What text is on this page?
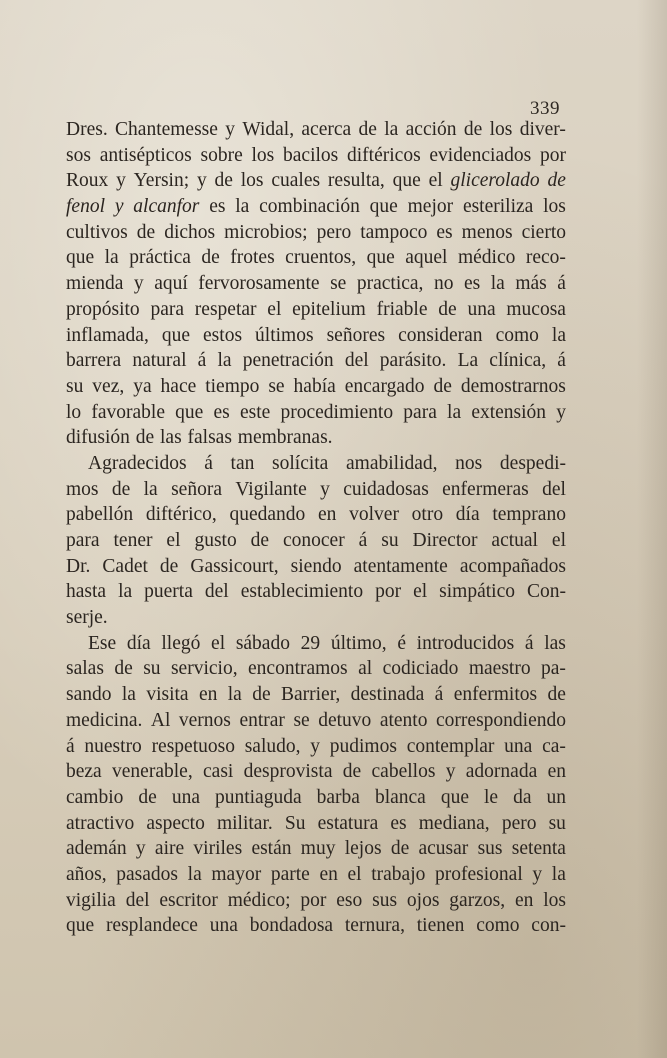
339
Dres. Chantemesse y Widal, acerca de la acción de los diver-
sos antisépticos sobre los bacilos diftéricos evidenciados por
Roux y Yersin; y de los cuales resulta, que el glicerolado de
fenol y alcanfor es la combinación que mejor esteriliza los
cultivos de dichos microbios; pero tampoco es menos cierto
que la práctica de frotes cruentos, que aquel médico reco-
mienda y aquí fervorosamente se practica, no es la más á
propósito para respetar el epitelium friable de una mucosa
inflamada, que estos últimos señores consideran como la
barrera natural á la penetración del parásito. La clínica, á
su vez, ya hace tiempo se había encargado de demostrarnos
lo favorable que es este procedimiento para la extensión y
difusión de las falsas membranas.
Agradecidos á tan solícita amabilidad, nos despedi-
mos de la señora Vigilante y cuidadosas enfermeras del
pabellón diftérico, quedando en volver otro día temprano
para tener el gusto de conocer á su Director actual el
Dr. Cadet de Gassicourt, siendo atentamente acompañados
hasta la puerta del establecimiento por el simpático Con-
serje.
Ese día llegó el sábado 29 último, é introducidos á las
salas de su servicio, encontramos al codiciado maestro pa-
sando la visita en la de Barrier, destinada á enfermitos de
medicina. Al vernos entrar se detuvo atento correspondiendo
á nuestro respetuoso saludo, y pudimos contemplar una ca-
beza venerable, casi desprovista de cabellos y adornada en
cambio de una puntiaguda barba blanca que le da un
atractivo aspecto militar. Su estatura es mediana, pero su
ademán y aire viriles están muy lejos de acusar sus setenta
años, pasados la mayor parte en el trabajo profesional y la
vigilia del escritor médico; por eso sus ojos garzos, en los
que resplandece una bondadosa ternura, tienen como con-
